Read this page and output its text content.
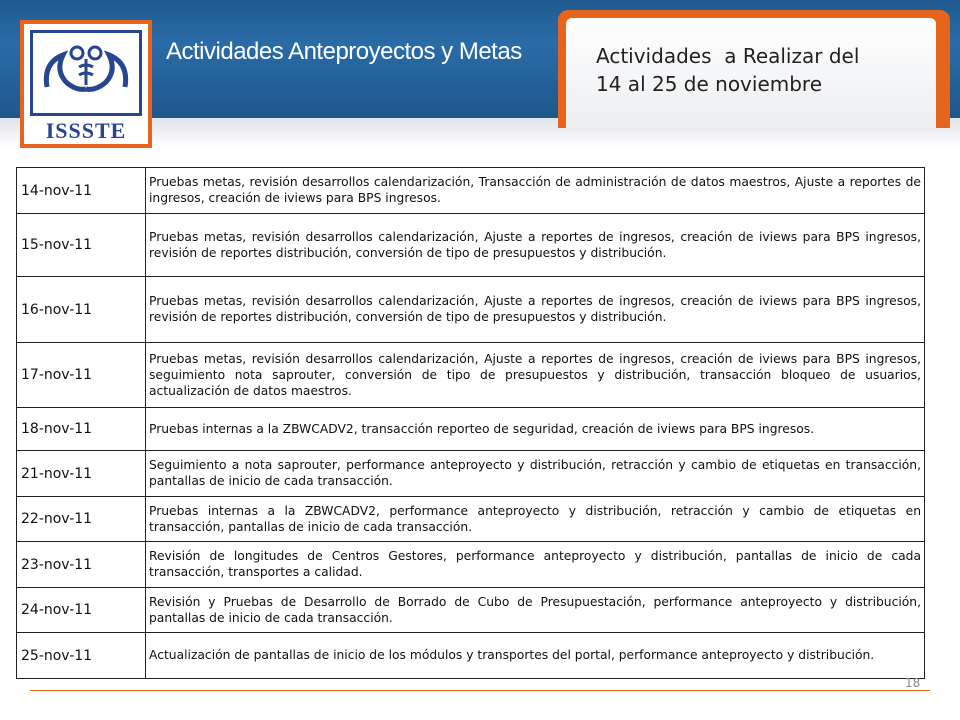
ISSSTE
Actividades Anteproyectos y Metas	Actividades  a Realizar del
14 al 25 de noviembre
14-nov-11	Pruebas metas, revisión desarrollos calendarización, Transacción de administración de datos maestros, Ajuste a reportes de ingresos, creación de iviews para BPS ingresos.
15-nov-11	Pruebas metas, revisión desarrollos calendarización, Ajuste a reportes de ingresos, creación de iviews para BPS ingresos, revisión de reportes distribución, conversión de tipo de presupuestos y distribución.
16-nov-11	Pruebas metas, revisión desarrollos calendarización, Ajuste a reportes de ingresos, creación de iviews para BPS ingresos, revisión de reportes distribución, conversión de tipo de presupuestos y distribución.
17-nov-11	Pruebas metas, revisión desarrollos calendarización, Ajuste a reportes de ingresos, creación de iviews para BPS ingresos, seguimiento nota saprouter, conversión de tipo de presupuestos y distribución, transacción bloqueo de usuarios, actualización de datos maestros.
18-nov-11	Pruebas internas a la ZBWCADV2, transacción reporteo de seguridad, creación de iviews para BPS ingresos.
21-nov-11	Seguimiento a nota saprouter, performance anteproyecto y distribución, retracción y cambio de etiquetas en transacción, pantallas de inicio de cada transacción.
22-nov-11	Pruebas internas a la ZBWCADV2, performance anteproyecto y distribución, retracción y cambio de etiquetas en transacción, pantallas de inicio de cada transacción.
23-nov-11	Revisión de longitudes de Centros Gestores, performance anteproyecto y distribución, pantallas de inicio de cada transacción, transportes a calidad.
24-nov-11	Revisión y Pruebas de Desarrollo de Borrado de Cubo de Presupuestación, performance anteproyecto y distribución, pantallas de inicio de cada transacción.
25-nov-11	Actualización de pantallas de inicio de los módulos y transportes del portal, performance anteproyecto y distribución.
18
